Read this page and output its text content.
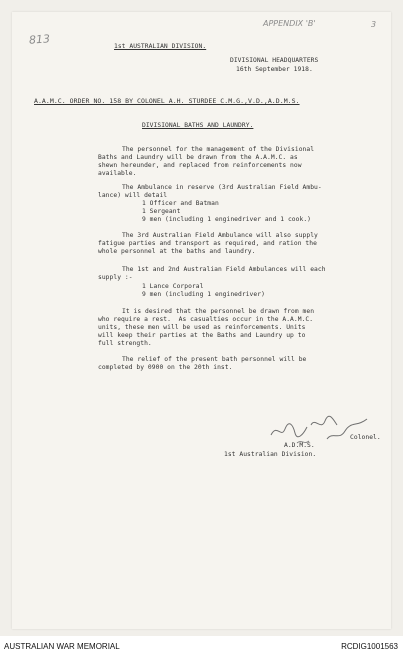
813
APPENDIX 'B'	3
1st AUSTRALIAN DIVISION.
DIVISIONAL HEADQUARTERS
16th September 1918.
A.A.M.C. ORDER NO. 158 BY COLONEL A.H. STURDEE C.M.G.,V.D.,A.D.M.S.
DIVISIONAL BATHS AND LAUNDRY.
The personnel for the management of the Divisional
Baths and Laundry will be drawn from the A.A.M.C. as
shewn hereunder, and replaced from reinforcements now
available.
The Ambulance in reserve (3rd Australian Field Ambu-
lance) will detail
1 Officer and Batman
1 Sergeant
9 men (including 1 enginedriver and 1 cook.)
The 3rd Australian Field Ambulance will also supply
fatigue parties and transport as required, and ration the
whole personnel at the baths and laundry.
The 1st and 2nd Australian Field Ambulances will each
supply :-
1 Lance Corporal
9 men (including 1 enginedriver)
It is desired that the personnel be drawn from men
who require a rest.  As casualties occur in the A.A.M.C.
units, these men will be used as reinforcements. Units
will keep their parties at the Baths and Laundry up to
full strength.
The relief of the present bath personnel will be
completed by 0900 on the 20th inst.
Colonel.
A.D.M.S.
1st Australian Division.
AUSTRALIAN WAR MEMORIAL	RCDIG1001563
